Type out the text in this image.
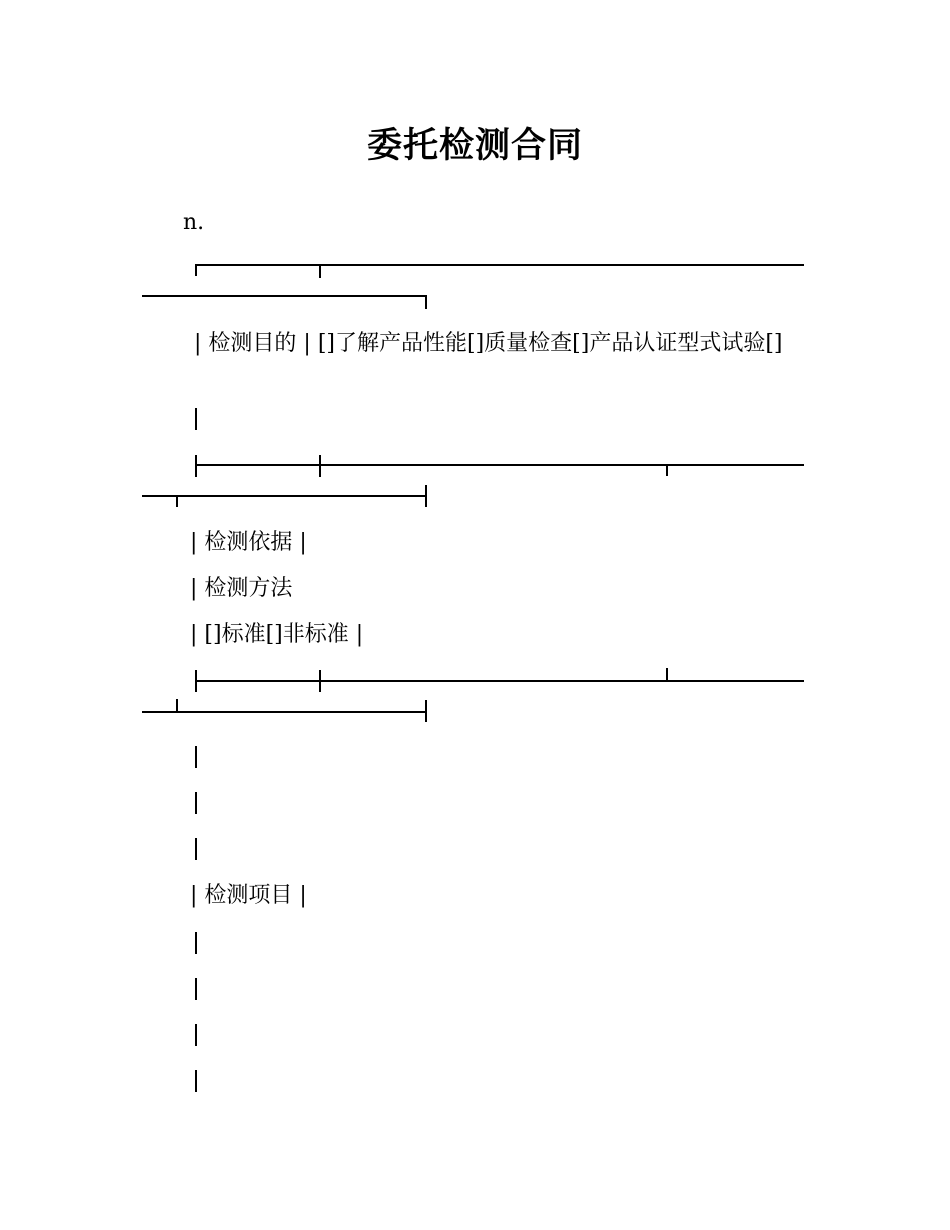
委托检测合同
n.
| 检测目的 | []了解产品性能[]质量检查[]产品认证型式试验[]
| 检测依据 |
| 检测方法
| []标准[]非标准 |
| 检测项目 |
